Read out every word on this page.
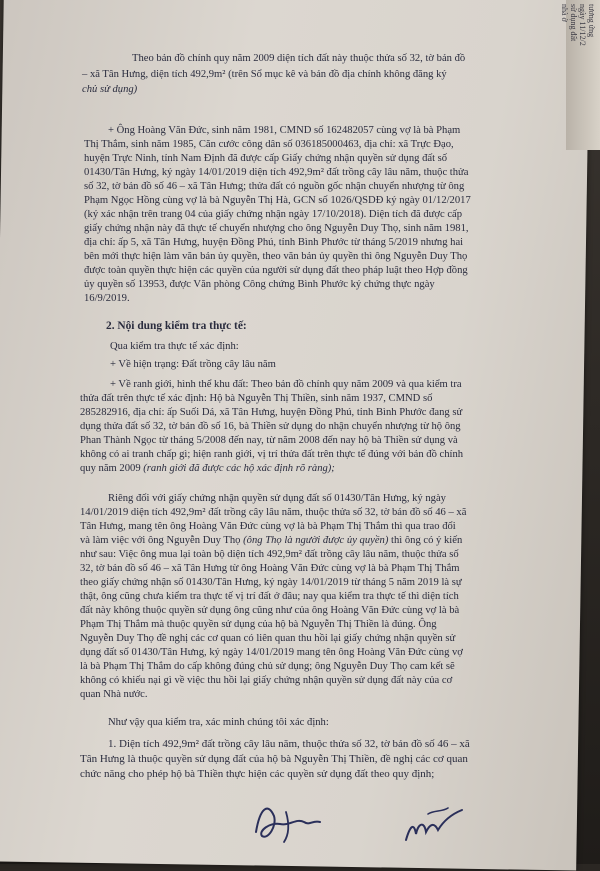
tương ứng
ngày 11/12/2
sử dụng đất
nhà ở
Theo bản đồ chính quy năm 2009 diện tích đất này thuộc thửa số 32, tờ bản đồ
– xã Tân Hưng, diện tích 492,9m² (trên Sổ mục kê và bản đồ địa chính không đăng ký
chủ sử dụng)
+ Ông Hoàng Văn Đức, sinh năm 1981, CMND số 162482057 cùng vợ là bà Phạm
Thị Thắm, sinh năm 1985, Căn cước công dân số 036185000463, địa chỉ: xã Trực Đạo,
huyện Trực Ninh, tỉnh Nam Định đã được cấp Giấy chứng nhận quyền sử dụng đất số
01430/Tân Hưng, ký ngày 14/01/2019 diện tích 492,9m² đất trồng cây lâu năm, thuộc thửa
số 32, tờ bản đồ số 46 – xã Tân Hưng; thửa đất có nguồn gốc nhận chuyển nhượng từ ông
Phạm Ngọc Hồng cùng vợ là bà Nguyễn Thị Hà, GCN số 1026/QSDĐ ký ngày 01/12/2017
(ký xác nhận trên trang 04 của giấy chứng nhận ngày 17/10/2018). Diện tích đã được cấp
giấy chứng nhận này đã thực tế chuyển nhượng cho ông Nguyễn Duy Thọ, sinh năm 1981,
địa chỉ: ấp 5, xã Tân Hưng, huyện Đồng Phú, tỉnh Bình Phước từ tháng 5/2019 nhưng hai
bên mới thực hiện làm văn bản ủy quyền, theo văn bản ủy quyền thì ông Nguyễn Duy Thọ
được toàn quyền thực hiện các quyền của người sử dụng đất theo pháp luật theo Hợp đồng
ủy quyền số 13953, được Văn phòng Công chứng Bình Phước ký chứng thực ngày
16/9/2019.
2. Nội dung kiểm tra thực tế:
Qua kiểm tra thực tế xác định:
+ Về hiện trạng: Đất trồng cây lâu năm
+ Về ranh giới, hình thể khu đất: Theo bản đồ chính quy năm 2009 và qua kiểm tra
thửa đất trên thực tế xác định: Hộ bà Nguyễn Thị Thiền, sinh năm 1937, CMND số
285282916, địa chỉ: ấp Suối Dá, xã Tân Hưng, huyện Đồng Phú, tỉnh Bình Phước đang sử
dụng thửa đất số 32, tờ bản đồ số 16, bà Thiền sử dụng do nhận chuyển nhượng từ hộ ông
Phan Thành Ngọc từ tháng 5/2008 đến nay, từ năm 2008 đến nay hộ bà Thiền sử dụng và
không có ai tranh chấp gì; hiện ranh giới, vị trí thửa đất trên thực tế đúng với bản đồ chính
quy năm 2009 (ranh giới đã được các hộ xác định rõ ràng);
Riêng đối với giấy chứng nhận quyền sử dụng đất số 01430/Tân Hưng, ký ngày
14/01/2019 diện tích 492,9m² đất trồng cây lâu năm, thuộc thửa số 32, tờ bản đồ số 46 – xã
Tân Hưng, mang tên ông Hoàng Văn Đức cùng vợ là bà Phạm Thị Thắm thì qua trao đổi
và làm việc với ông Nguyễn Duy Thọ (ông Thọ là người được ủy quyền) thì ông có ý kiến
như sau: Việc ông mua lại toàn bộ diện tích 492,9m² đất trồng cây lâu năm, thuộc thửa số
32, tờ bản đồ số 46 – xã Tân Hưng từ ông Hoàng Văn Đức cùng vợ là bà Phạm Thị Thắm
theo giấy chứng nhận số 01430/Tân Hưng, ký ngày 14/01/2019 từ tháng 5 năm 2019 là sự
thật, ông cũng chưa kiểm tra thực tế vị trí đất ở đâu; nay qua kiểm tra thực tế thì diện tích
đất này không thuộc quyền sử dụng ông cũng như của ông Hoàng Văn Đức cùng vợ là bà
Phạm Thị Thắm mà thuộc quyền sử dụng của hộ bà Nguyễn Thị Thiền là đúng. Ông
Nguyễn Duy Thọ đề nghị các cơ quan có liên quan thu hồi lại giấy chứng nhận quyền sử
dụng đất số 01430/Tân Hưng, ký ngày 14/01/2019 mang tên ông Hoàng Văn Đức cùng vợ
là bà Phạm Thị Thắm do cấp không đúng chủ sử dụng; ông Nguyễn Duy Thọ cam kết sẽ
không có khiếu nại gì về việc thu hồi lại giấy chứng nhận quyền sử dụng đất này của cơ
quan Nhà nước.
Như vậy qua kiểm tra, xác minh chúng tôi xác định:
1. Diện tích 492,9m² đất trồng cây lâu năm, thuộc thửa số 32, tờ bản đồ số 46 – xã
Tân Hưng là thuộc quyền sử dụng đất của hộ bà Nguyễn Thị Thiền, đề nghị các cơ quan
chức năng cho phép hộ bà Thiền thực hiện các quyền sử dụng đất theo quy định;
